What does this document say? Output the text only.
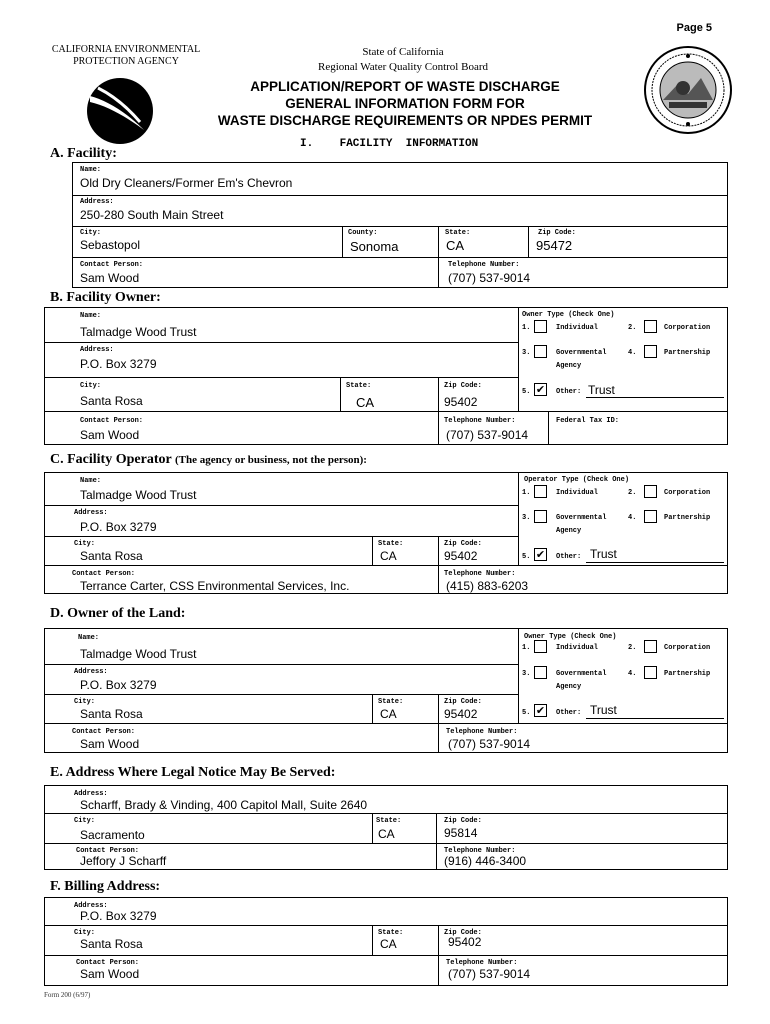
Page 5
CALIFORNIA ENVIRONMENTAL
PROTECTION AGENCY
State of California
Regional Water Quality Control Board
APPLICATION/REPORT OF WASTE DISCHARGE
GENERAL INFORMATION FORM FOR
WASTE DISCHARGE REQUIREMENTS OR NPDES PERMIT
I.    FACILITY  INFORMATION
A. Facility:
Name:
Old Dry Cleaners/Former Em's Chevron
Address:
250-280 South Main Street
City:
Sebastopol
County:
Sonoma
State:
CA
Zip Code:
95472
Contact Person:
Sam Wood
Telephone Number:
(707) 537-9014
B. Facility Owner:
Name:
Talmadge Wood Trust
Address:
P.O. Box 3279
City:
Santa Rosa
State:
CA
Zip Code:
95402
Contact Person:
Sam Wood
Telephone Number:
(707) 537-9014
Federal Tax ID:
Owner Type (Check One)
1.	Individual	2.	Corporation
3.	Governmental
Agency
4.	Partnership
5. ✔ Other: Trust
C. Facility Operator (The agency or business, not the person):
Name:
Talmadge Wood Trust
Address:
P.O. Box 3279
City:
Santa Rosa
State:
CA
Zip Code:
95402
Contact Person:
Terrance Carter, CSS Environmental Services, Inc.
Telephone Number:
(415) 883-6203
Operator Type (Check One)
1.	Individual	2.	Corporation
3.	Governmental
Agency
4.	Partnership
5. ✔ Other: Trust
D. Owner of the Land:
Name:
Talmadge Wood Trust
Address:
P.O. Box 3279
City:
Santa Rosa
State:
CA
Zip Code:
95402
Contact Person:
Sam Wood
Telephone Number:
(707) 537-9014
Owner Type (Check One)
1.	Individual	2.	Corporation
3.	Governmental
Agency
4.	Partnership
5. ✔ Other: Trust
E. Address Where Legal Notice May Be Served:
Address:
Scharff, Brady & Vinding, 400 Capitol Mall, Suite 2640
City:
Sacramento
State:
CA
Zip Code:
95814
Contact Person:
Jeffory J Scharff
Telephone Number:
(916) 446-3400
F. Billing Address:
Address:
P.O. Box 3279
City:
Santa Rosa
State:
CA
Zip Code:
95402
Contact Person:
Sam Wood
Telephone Number:
(707) 537-9014
Form 200 (6/97)
